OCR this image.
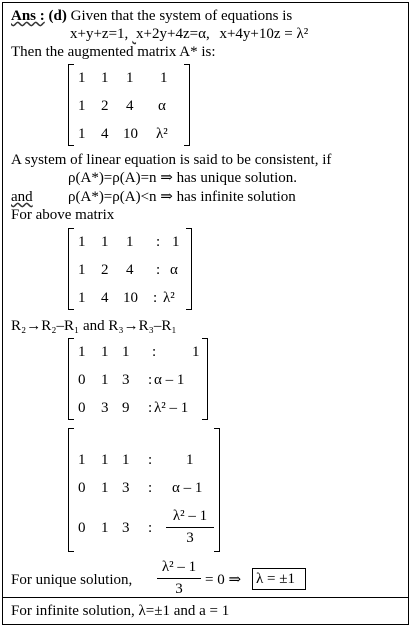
Ans : (d) Given that the system of equations is
x+y+z=1, x+2y+4z=α, x+4y+10z = λ²
Then the augmented matrix A* is:
1 1 1 1
1 2 4 α
1 4 10 λ²
A system of linear equation is said to be consistent, if
ρ(A*)=ρ(A)=n ⇒ has unique solution.
and ρ(A*)=ρ(A)<n ⇒ has infinite solution
For above matrix
1 1 1 : 1
1 2 4 : α
1 4 10 : λ²
R₂→R₂–R₁ and R₃→R₃–R₁
1 1 1 : 1
0 1 3 : α – 1
0 3 9 : λ² – 1
1 1 1 : 1
0 1 3 : α – 1
0 1 3 :
λ² – 1
3
For unique solution,
λ² – 1
3
= 0 ⇒ λ = ±1
For infinite solution, λ=±1 and a = 1
